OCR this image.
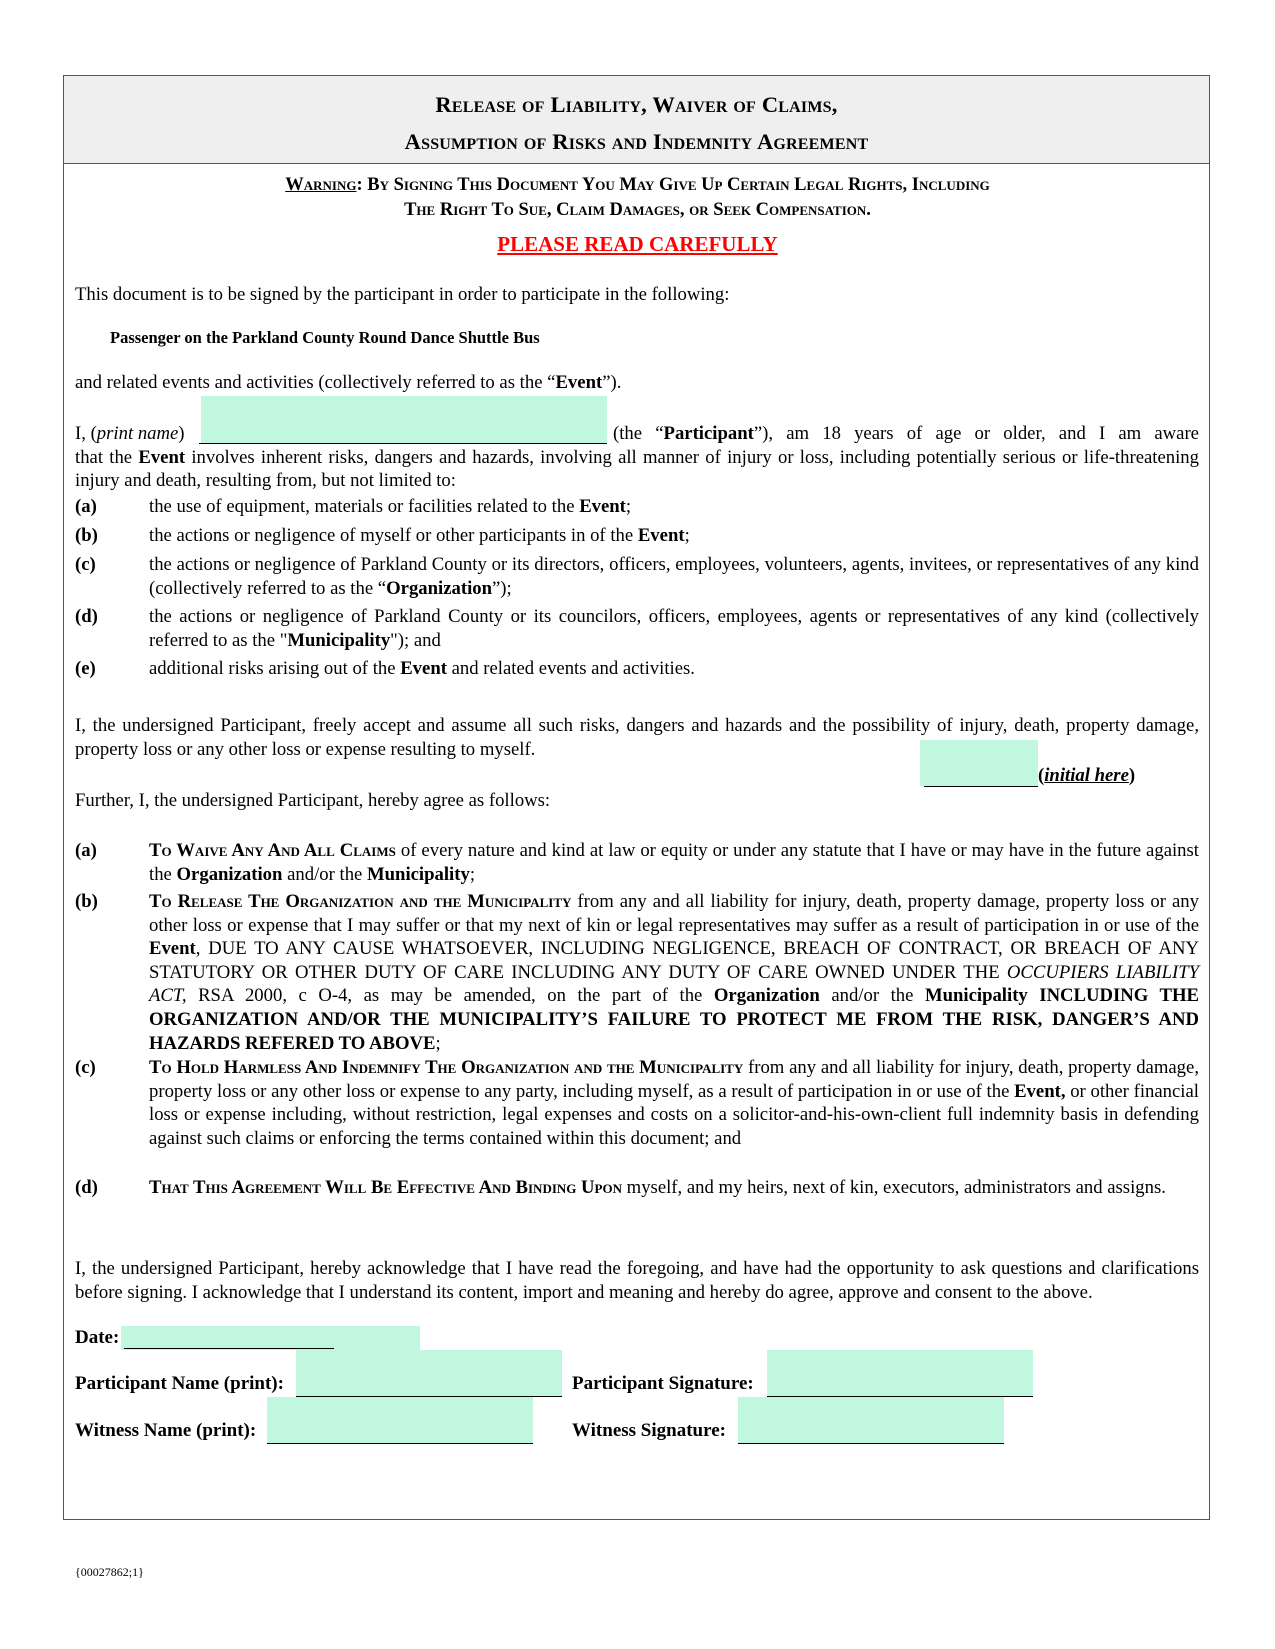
Release of Liability, Waiver of Claims,
Assumption of Risks and Indemnity Agreement
Warning: By Signing This Document You May Give Up Certain Legal Rights, Including
The Right To Sue, Claim Damages, or Seek Compensation.
PLEASE READ CAREFULLY
This document is to be signed by the participant in order to participate in the following:
Passenger on the Parkland County Round Dance Shuttle Bus
and related events and activities (collectively referred to as the “Event”).
I, (print name)	(the “Participant”), am 18 years of age or older, and I am aware
that the Event involves inherent risks, dangers and hazards, involving all manner of injury or loss, including potentially serious or life-threatening injury and death, resulting from, but not limited to:
(a)	the use of equipment, materials or facilities related to the Event;
(b)	the actions or negligence of myself or other participants in of the Event;
(c)	the actions or negligence of Parkland County or its directors, officers, employees, volunteers, agents, invitees, or representatives of any kind (collectively referred to as the “Organization”);
(d)	the actions or negligence of Parkland County or its councilors, officers, employees, agents or representatives of any kind (collectively referred to as the "Municipality"); and
(e)	additional risks arising out of the Event and related events and activities.
I, the undersigned Participant, freely accept and assume all such risks, dangers and hazards and the possibility of injury, death, property damage, property loss or any other loss or expense resulting to myself.
(initial here)
Further, I, the undersigned Participant, hereby agree as follows:
(a)	To Waive Any And All Claims of every nature and kind at law or equity or under any statute that I have or may have in the future against the Organization and/or the Municipality;
(b)	To Release The Organization and the Municipality from any and all liability for injury, death, property damage, property loss or any other loss or expense that I may suffer or that my next of kin or legal representatives may suffer as a result of participation in or use of the Event, DUE TO ANY CAUSE WHATSOEVER, INCLUDING NEGLIGENCE, BREACH OF CONTRACT, OR BREACH OF ANY STATUTORY OR OTHER DUTY OF CARE INCLUDING ANY DUTY OF CARE OWNED UNDER THE OCCUPIERS LIABILITY ACT, RSA 2000, c O-4, as may be amended, on the part of the Organization and/or the Municipality INCLUDING THE ORGANIZATION AND/OR THE MUNICIPALITY’S FAILURE TO PROTECT ME FROM THE RISK, DANGER’S AND HAZARDS REFERED TO ABOVE;
(c)	To Hold Harmless And Indemnify The Organization and the Municipality from any and all liability for injury, death, property damage, property loss or any other loss or expense to any party, including myself, as a result of participation in or use of the Event, or other financial loss or expense including, without restriction, legal expenses and costs on a solicitor-and-his-own-client full indemnity basis in defending against such claims or enforcing the terms contained within this document; and
(d)	That This Agreement Will Be Effective And Binding Upon myself, and my heirs, next of kin, executors, administrators and assigns.
I, the undersigned Participant, hereby acknowledge that I have read the foregoing, and have had the opportunity to ask questions and clarifications before signing. I acknowledge that I understand its content, import and meaning and hereby do agree, approve and consent to the above.
Date:
Participant Name (print):	Participant Signature:
Witness Name (print):	Witness Signature:
{00027862;1}
